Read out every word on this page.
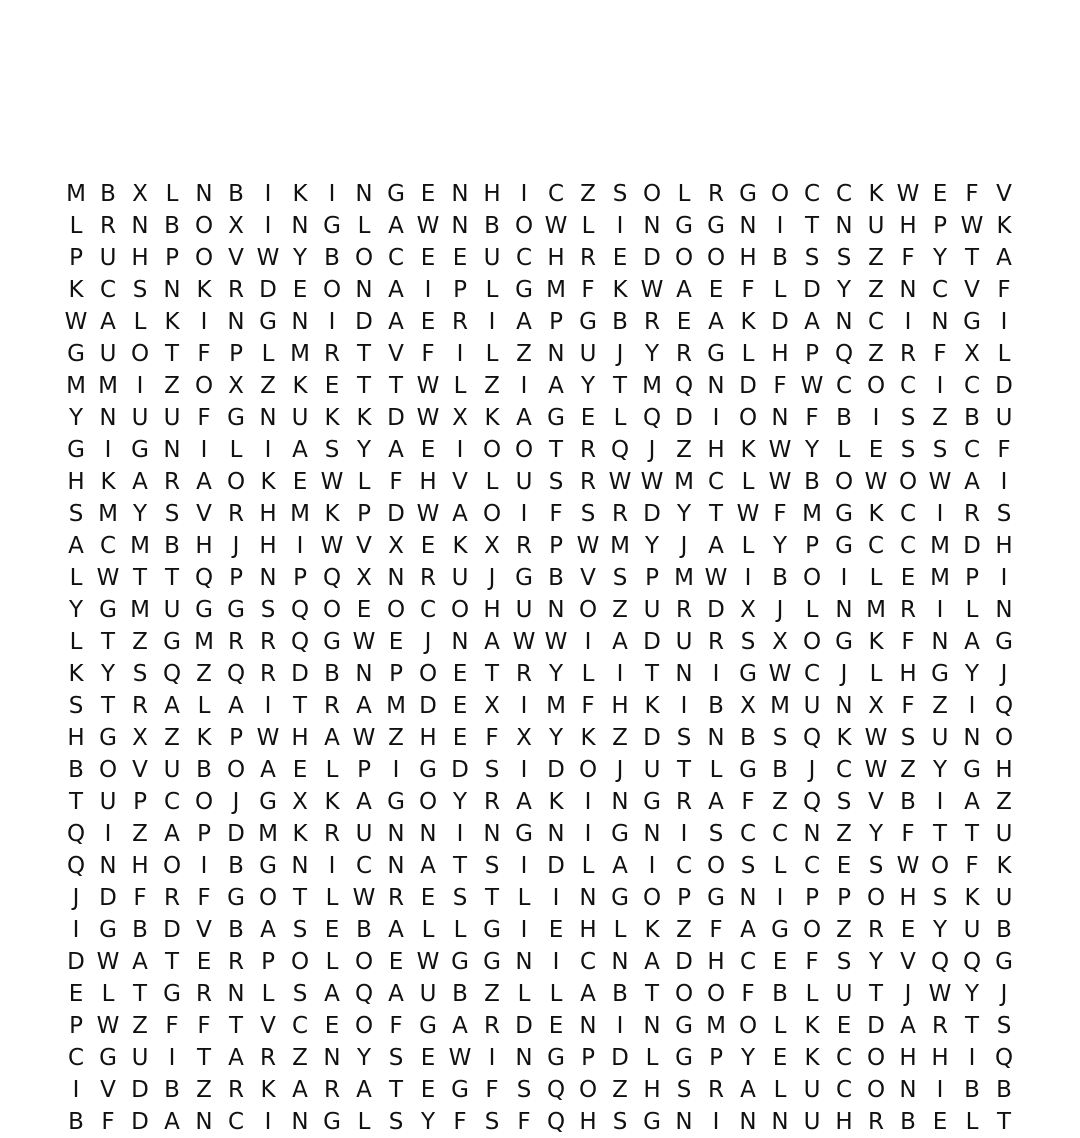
M B X L N B I K I N G E N H I C Z S O L R G O C C K W E F V
L R N B O X I N G L A W N B O W L I N G G N I T N U H P W K
P U H P O V W Y B O C E E U C H R E D O O H B S S Z F Y T A
K C S N K R D E O N A I P L G M F K W A E F L D Y Z N C V F
W A L K I N G N I D A E R I A P G B R E A K D A N C I N G I
G U O T F P L M R T V F I L Z N U J Y R G L H P Q Z R F X L
M M I Z O X Z K E T T W L Z I A Y T M Q N D F W C O C I C D
Y N U U F G N U K K D W X K A G E L Q D I O N F B I S Z B U
G I G N I L I A S Y A E I O O T R Q J Z H K W Y L E S S C F
H K A R A O K E W L F H V L U S R W W M C L W B O W O W A I
S M Y S V R H M K P D W A O I F S R D Y T W F M G K C I R S
A C M B H J H I W V X E K X R P W M Y J A L Y P G C C M D H
L W T T Q P N P Q X N R U J G B V S P M W I B O I L E M P I
Y G M U G G S Q O E O C O H U N O Z U R D X J L N M R I L N
L T Z G M R R Q G W E J N A W W I A D U R S X O G K F N A G
K Y S Q Z Q R D B N P O E T R Y L I T N I G W C J L H G Y J
S T R A L A I T R A M D E X I M F H K I B X M U N X F Z I Q
H G X Z K P W H A W Z H E F X Y K Z D S N B S Q K W S U N O
B O V U B O A E L P I G D S I D O J U T L G B J C W Z Y G H
T U P C O J G X K A G O Y R A K I N G R A F Z Q S V B I A Z
Q I Z A P D M K R U N N I N G N I G N I S C C N Z Y F T T U
Q N H O I B G N I C N A T S I D L A I C O S L C E S W O F K
J D F R F G O T L W R E S T L I N G O P G N I P P O H S K U
I G B D V B A S E B A L L G I E H L K Z F A G O Z R E Y U B
D W A T E R P O L O E W G G N I C N A D H C E F S Y V Q Q G
E L T G R N L S A Q A U B Z L L A B T O O F B L U T J W Y J
P W Z F F T V C E O F G A R D E N I N G M O L K E D A R T S
C G U I T A R Z N Y S E W I N G P D L G P Y E K C O H H I Q
I V D B Z R K A R A T E G F S Q O Z H S R A L U C O N I B B
B F D A N C I N G L S Y F S F Q H S G N I N N U H R B E L T
